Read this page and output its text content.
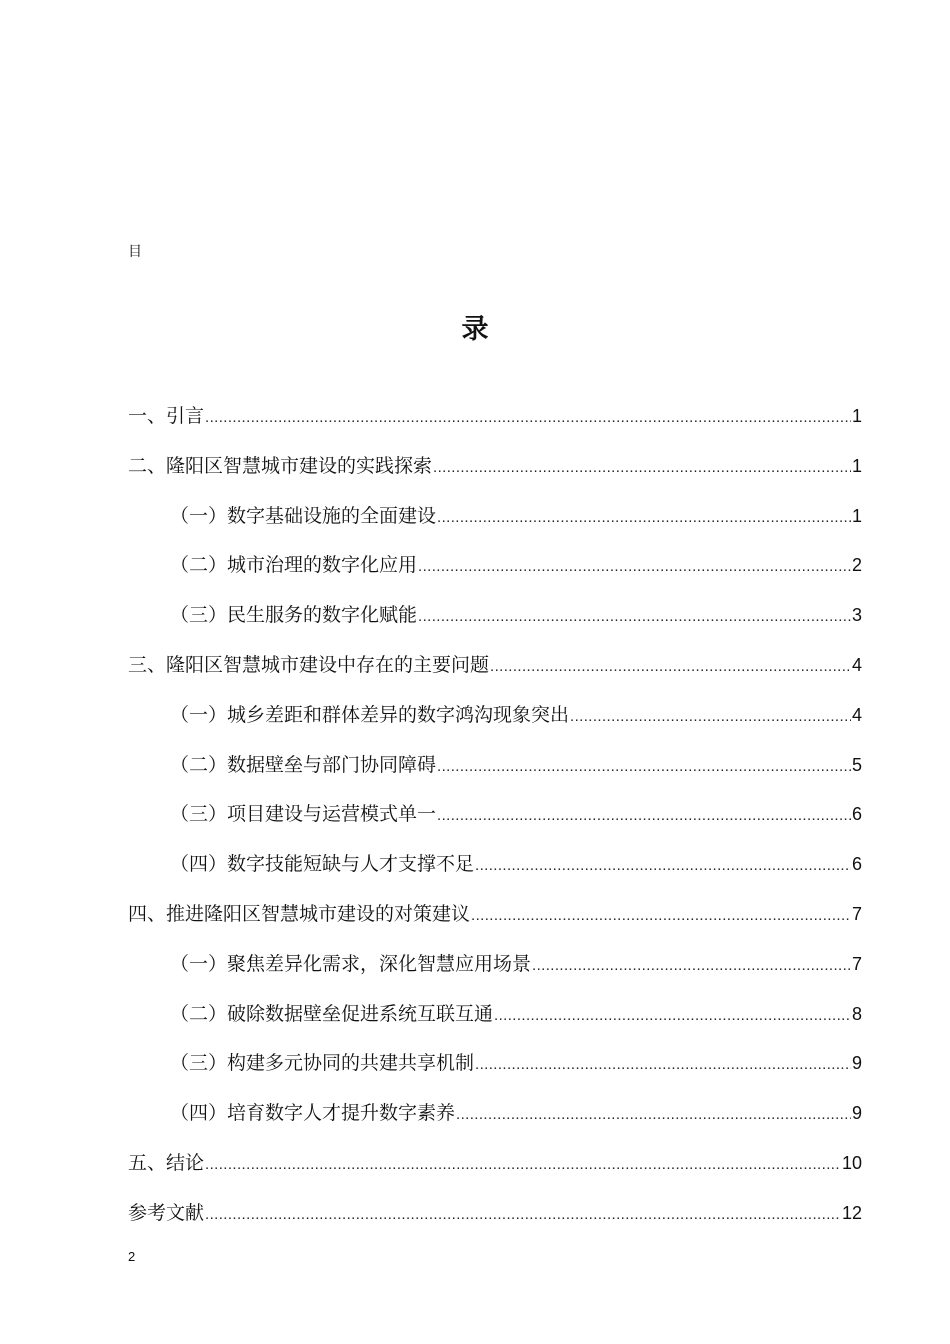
目
录
一、引言 .....	1
二、隆阳区智慧城市建设的实践探索 .....	1
（一）数字基础设施的全面建设 .....	1
（二）城市治理的数字化应用 .....	2
（三）民生服务的数字化赋能 .....	3
三、隆阳区智慧城市建设中存在的主要问题 .....	4
（一）城乡差距和群体差异的数字鸿沟现象突出 .....	4
（二）数据壁垒与部门协同障碍 .....	5
（三）项目建设与运营模式单一 .....	6
（四）数字技能短缺与人才支撑不足 .....	6
四、推进隆阳区智慧城市建设的对策建议 .....	7
（一）聚焦差异化需求，深化智慧应用场景 .....	7
（二）破除数据壁垒促进系统互联互通 .....	8
（三）构建多元协同的共建共享机制 .....	9
（四）培育数字人才提升数字素养 .....	9
五、结论 .....	10
参考文献 .....	12
2
